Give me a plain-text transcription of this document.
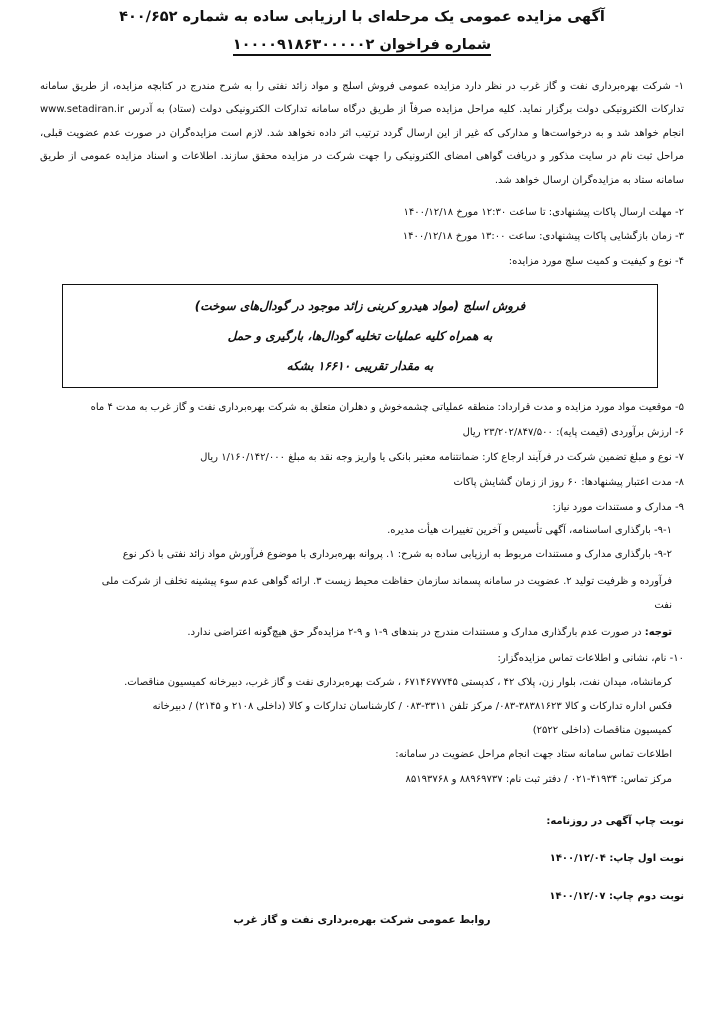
آگهی مزایده عمومی یک مرحله‌ای با ارزیابی ساده به شماره ۴۰۰/۶۵۲
شماره فراخوان ۱۰۰۰۰۹۱۸۶۳۰۰۰۰۰۲
۱- شرکت بهره‌برداری نفت و گاز غرب در نظر دارد مزایده عمومی فروش اسلج و مواد زائد نفتی را به شرح مندرج در کتابچه مزایده، از طریق سامانه تدارکات الکترونیکی دولت برگزار نماید. کلیه مراحل مزایده صرفاً از طریق درگاه سامانه تدارکات الکترونیکی دولت (ستاد) به آدرس www.setadiran.ir انجام خواهد شد و به درخواست‌ها و مدارکی که غیر از این ارسال گردد ترتیب اثر داده نخواهد شد. لازم است مزایده‌گران در صورت عدم عضویت قبلی، مراحل ثبت نام در سایت مذکور و دریافت گواهی امضای الکترونیکی را جهت شرکت در مزایده محقق سازند. اطلاعات و اسناد مزایده عمومی از طریق سامانه ستاد به مزایده‌گران ارسال خواهد شد.
۲- مهلت ارسال پاکات پیشنهادی: تا ساعت ۱۲:۳۰ مورخ ۱۴۰۰/۱۲/۱۸
۳- زمان بازگشایی پاکات پیشنهادی: ساعت ۱۳:۰۰ مورخ ۱۴۰۰/۱۲/۱۸
۴- نوع و کیفیت و کمیت سلج مورد مزایده:
فروش اسلج (مواد هیدرو کربنی زائد موجود در گودال‌های سوخت)
به همراه کلیه عملیات تخلیه گودال‌ها، بارگیری و حمل
به مقدار تقریبی ۱۶۶۱۰ بشکه
۵- موقعیت مواد مورد مزایده و مدت قرارداد: منطقه عملیاتی چشمه‌خوش و دهلران متعلق به شرکت بهره‌برداری نفت و گاز غرب به مدت ۴ ماه
۶- ارزش برآوردی (قیمت پایه): ۲۳/۲۰۲/۸۴۷/۵۰۰ ریال
۷- نوع و مبلغ تضمین شرکت در فرآیند ارجاع کار: ضمانتنامه معتبر بانکی یا واریز وجه نقد به مبلغ ۱/۱۶۰/۱۴۲/۰۰۰ ریال
۸- مدت اعتبار پیشنهادها: ۶۰ روز از زمان گشایش پاکات
۹- مدارک و مستندات مورد نیاز:
۹-۱- بارگذاری اساسنامه، آگهی تأسیس و آخرین تغییرات هیأت مدیره.
۹-۲- بارگذاری مدارک و مستندات مربوط به ارزیابی ساده به شرح: ۱. پروانه بهره‌برداری با موضوع فرآورش مواد زائد نفتی با ذکر نوع
فرآورده و ظرفیت تولید ۲. عضویت در سامانه پسماند سازمان حفاظت محیط زیست ۳. ارائه گواهی عدم سوء پیشینه تخلف از شرکت ملی
نفت
توجه: در صورت عدم بارگذاری مدارک و مستندات مندرج در بندهای ۹-۱ و ۹-۲ مزایده‌گر حق هیچ‌گونه اعتراضی ندارد.
۱۰- نام، نشانی و اطلاعات تماس مزایده‌گزار:
کرمانشاه، میدان نفت، بلوار زن، پلاک ۴۲ ، کدپستی ۶۷۱۴۶۷۷۷۴۵ ، شرکت بهره‌برداری نفت و گاز غرب، دبیرخانه کمیسیون مناقصات.
فکس اداره تدارکات و کالا ۳۸۳۸۱۶۲۳-۰۸۳/ مرکز تلفن ۳۳۱۱-۰۸۳ / کارشناسان تدارکات و کالا (داخلی ۲۱۰۸ و ۲۱۴۵) / دبیرخانه
کمیسیون مناقصات (داخلی ۲۵۲۲)
اطلاعات تماس سامانه ستاد جهت انجام مراحل عضویت در سامانه:
مرکز تماس: ۴۱۹۳۴-۰۲۱ / دفتر ثبت نام: ۸۸۹۶۹۷۳۷ و ۸۵۱۹۳۷۶۸
نوبت چاپ آگهی در روزنامه:
نوبت اول چاپ: ۱۴۰۰/۱۲/۰۴
نوبت دوم چاپ: ۱۴۰۰/۱۲/۰۷
روابط عمومی شرکت بهره‌برداری نفت و گاز غرب
